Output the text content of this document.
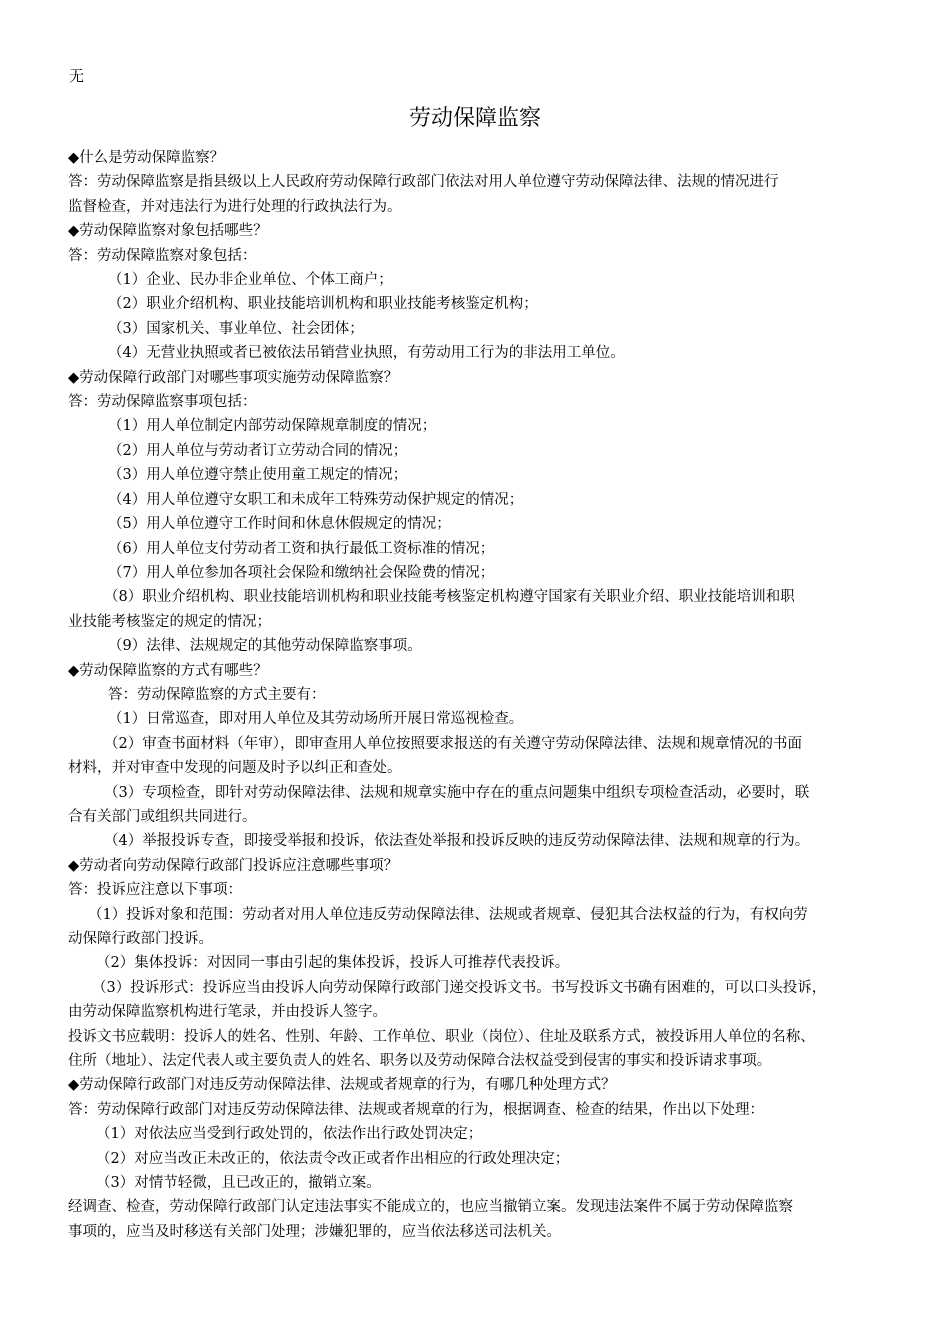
无
劳动保障监察
◆什么是劳动保障监察？
答：劳动保障监察是指县级以上人民政府劳动保障行政部门依法对用人单位遵守劳动保障法律、法规的情况进行
监督检查，并对违法行为进行处理的行政执法行为。
◆劳动保障监察对象包括哪些？
答：劳动保障监察对象包括：
（1）企业、民办非企业单位、个体工商户；
（2）职业介绍机构、职业技能培训机构和职业技能考核鉴定机构；
（3）国家机关、事业单位、社会团体；
（4）无营业执照或者已被依法吊销营业执照，有劳动用工行为的非法用工单位。
◆劳动保障行政部门对哪些事项实施劳动保障监察？
答：劳动保障监察事项包括：
（1）用人单位制定内部劳动保障规章制度的情况；
（2）用人单位与劳动者订立劳动合同的情况；
（3）用人单位遵守禁止使用童工规定的情况；
（4）用人单位遵守女职工和未成年工特殊劳动保护规定的情况；
（5）用人单位遵守工作时间和休息休假规定的情况；
（6）用人单位支付劳动者工资和执行最低工资标准的情况；
（7）用人单位参加各项社会保险和缴纳社会保险费的情况；
（8）职业介绍机构、职业技能培训机构和职业技能考核鉴定机构遵守国家有关职业介绍、职业技能培训和职
业技能考核鉴定的规定的情况；
（9）法律、法规规定的其他劳动保障监察事项。
◆劳动保障监察的方式有哪些？
答：劳动保障监察的方式主要有：
（1）日常巡查，即对用人单位及其劳动场所开展日常巡视检查。
（2）审查书面材料（年审），即审查用人单位按照要求报送的有关遵守劳动保障法律、法规和规章情况的书面
材料，并对审查中发现的问题及时予以纠正和查处。
（3）专项检查，即针对劳动保障法律、法规和规章实施中存在的重点问题集中组织专项检查活动，必要时，联
合有关部门或组织共同进行。
（4）举报投诉专查，即接受举报和投诉，依法查处举报和投诉反映的违反劳动保障法律、法规和规章的行为。
◆劳动者向劳动保障行政部门投诉应注意哪些事项？
答：投诉应注意以下事项：
（1）投诉对象和范围：劳动者对用人单位违反劳动保障法律、法规或者规章、侵犯其合法权益的行为，有权向劳
动保障行政部门投诉。
（2）集体投诉：对因同一事由引起的集体投诉，投诉人可推荐代表投诉。
（3）投诉形式：投诉应当由投诉人向劳动保障行政部门递交投诉文书。书写投诉文书确有困难的，可以口头投诉，
由劳动保障监察机构进行笔录，并由投诉人签字。
投诉文书应载明：投诉人的姓名、性别、年龄、工作单位、职业（岗位）、住址及联系方式，被投诉用人单位的名称、
住所（地址）、法定代表人或主要负责人的姓名、职务以及劳动保障合法权益受到侵害的事实和投诉请求事项。
◆劳动保障行政部门对违反劳动保障法律、法规或者规章的行为，有哪几种处理方式？
答：劳动保障行政部门对违反劳动保障法律、法规或者规章的行为，根据调查、检查的结果，作出以下处理：
（1）对依法应当受到行政处罚的，依法作出行政处罚决定；
（2）对应当改正未改正的，依法责令改正或者作出相应的行政处理决定；
（3）对情节轻微，且已改正的，撤销立案。
经调查、检查，劳动保障行政部门认定违法事实不能成立的，也应当撤销立案。发现违法案件不属于劳动保障监察
事项的，应当及时移送有关部门处理；涉嫌犯罪的，应当依法移送司法机关。
